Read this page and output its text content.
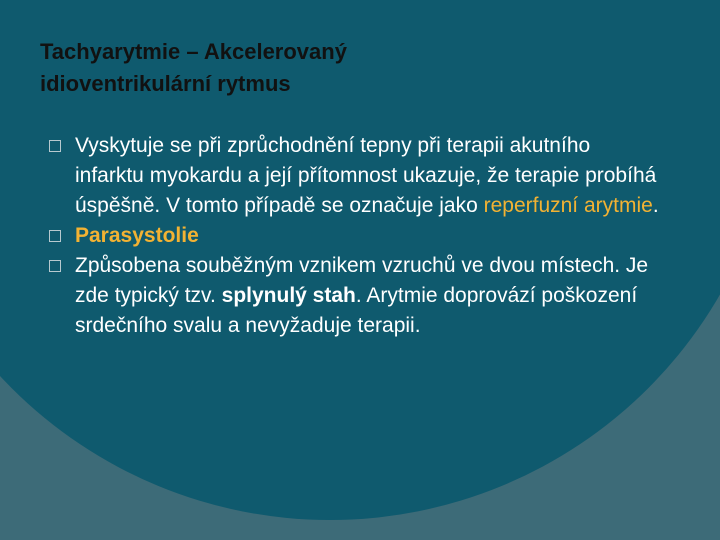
Tachyarytmie – Akcelerovaný
idioventrikulární rytmus
Vyskytuje se při zprůchodnění tepny při terapii akutního infarktu myokardu a její přítomnost ukazuje, že terapie probíhá úspěšně. V tomto případě se označuje jako reperfuzní arytmie.
Parasystolie
Způsobena souběžným vznikem vzruchů ve dvou místech. Je zde typický tzv. splynulý stah. Arytmie doprovází poškození srdečního svalu a nevyžaduje terapii.
